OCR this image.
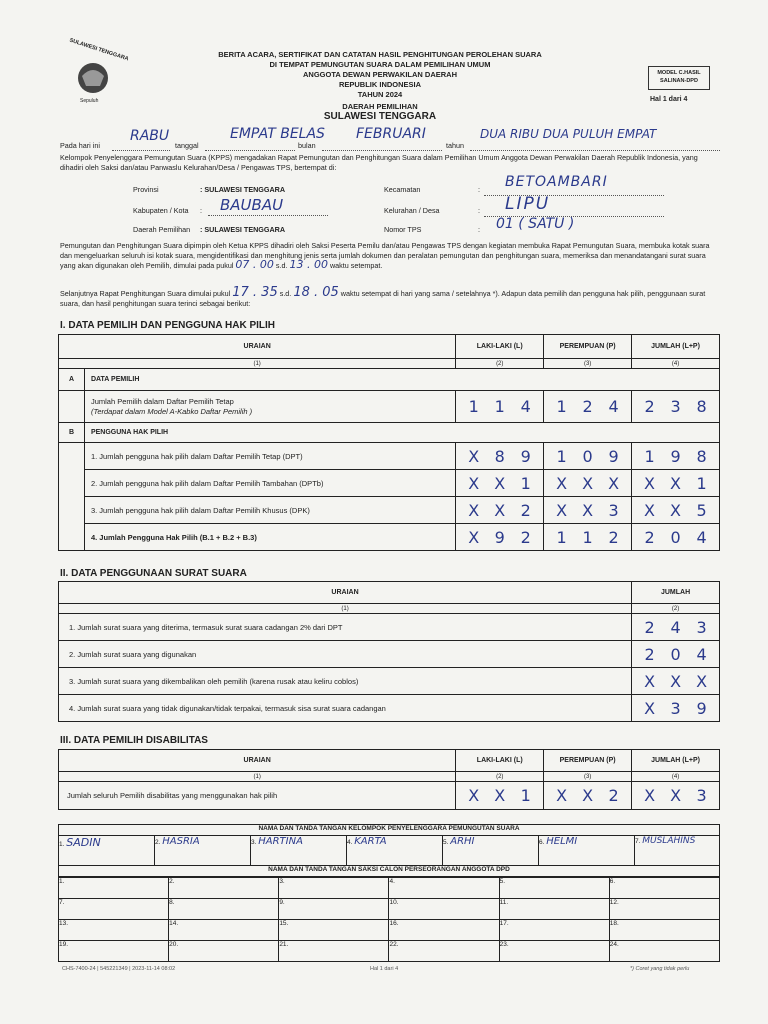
SULAWESI TENGGARA
Sepuluh
BERITA ACARA, SERTIFIKAT DAN CATATAN HASIL PENGHITUNGAN PEROLEHAN SUARA
DI TEMPAT PEMUNGUTAN SUARA DALAM PEMILIHAN UMUM
ANGGOTA DEWAN PERWAKILAN DAERAH
REPUBLIK INDONESIA
TAHUN 2024
MODEL C.HASIL
SALINAN-DPD
Hal 1 dari 4
DAERAH PEMILIHAN
SULAWESI TENGGARA
Pada hari ini
RABU
tanggal
EMPAT BELAS
bulan
FEBRUARI
tahun
DUA RIBU DUA PULUH EMPAT
Kelompok Penyelenggara Pemungutan Suara (KPPS) mengadakan Rapat Pemungutan dan Penghitungan Suara dalam Pemilihan Umum Anggota Dewan Perwakilan Daerah Republik Indonesia, yang dihadiri oleh Saksi dan/atau Panwaslu Kelurahan/Desa / Pengawas TPS, bertempat di:
Provinsi	: SULAWESI TENGGARA
Kabupaten / Kota : BAUBAU
Daerah Pemilihan : SULAWESI TENGGARA
Kecamatan	: BETOAMBARI
Kelurahan / Desa	: LIPU
Nomor TPS	: 01 ( SATU )
Pemungutan dan Penghitungan Suara dipimpin oleh Ketua KPPS dihadiri oleh Saksi Peserta Pemilu dan/atau Pengawas TPS dengan kegiatan membuka Rapat Pemungutan Suara, membuka kotak suara dan mengeluarkan seluruh isi kotak suara, mengidentifikasi dan menghitung jenis serta jumlah dokumen dan peralatan pemungutan dan penghitungan suara, memeriksa dan menandatangani surat suara yang akan digunakan oleh Pemilih, dimulai pada pukul 07 . 00 s.d. 13 . 00 waktu setempat.
Selanjutnya Rapat Penghitungan Suara dimulai pukul 17 . 35 s.d. 18 . 05 waktu setempat di hari yang sama / setelahnya *). Adapun data pemilih dan pengguna hak pilih, penggunaan surat suara, dan hasil penghitungan suara terinci sebagai berikut:
I. DATA PEMILIH DAN PENGGUNA HAK PILIH
URAIAN		LAKI-LAKI (L)	PEREMPUAN (P)	JUMLAH (L+P)
(1)		(2)	(3)	(4)
A	DATA PEMILIH			

	Jumlah Pemilih dalam Daftar Pemilih Tetap
(Terdapat dalam Model A-Kabko Daftar Pemilih )	1 1 4	1 2 4	2 3 8
B	PENGGUNA HAK PILIH			
	1. Jumlah pengguna hak pilih dalam Daftar Pemilih Tetap (DPT)	X 8 9	1 0 9	1 9 8
	2. Jumlah pengguna hak pilih dalam Daftar Pemilih Tambahan (DPTb)	X X 1	X X X	X X 1
	3. Jumlah pengguna hak pilih dalam Daftar Pemilih Khusus (DPK)	X X 2	X X 3	X X 5
	4. Jumlah Pengguna Hak Pilih (B.1 + B.2 + B.3)	X 9 2	1 1 2	2 0 4
II. DATA PENGGUNAAN SURAT SUARA
URAIAN	JUMLAH
(1)	(2)
1. Jumlah surat suara yang diterima, termasuk surat suara cadangan 2% dari DPT	2 4 3
2. Jumlah surat suara yang digunakan	2 0 4
3. Jumlah surat suara yang dikembalikan oleh pemilih (karena rusak atau keliru coblos)	X X X
4. Jumlah surat suara yang tidak digunakan/tidak terpakai, termasuk sisa surat suara cadangan	X 3 9
III. DATA PEMILIH DISABILITAS
URAIAN	LAKI-LAKI (L)	PEREMPUAN (P)	JUMLAH (L+P)
(1)	(2)	(3)	(4)
Jumlah seluruh Pemilih disabilitas yang menggunakan hak pilih	X X 1	X X 2	X X 3
NAMA DAN TANDA TANGAN KELOMPOK PENYELENGGARA PEMUNGUTAN SUARA
1. SADIN	2. HASRIA	3. HARTINA	4. KARTA	5. ARHI	6. HELMI	7. MUSLAHINS
NAMA DAN TANDA TANGAN SAKSI CALON PERSEORANGAN ANGGOTA DPD
1.	2.	3.	4.	5.	6.
7.	8.	9.	10.	11.	12.
13.	14.	15.	16.	17.	18.
19.	20.	21.	22.	23.	24.
CHS-7400-24 | 545221349 | 2023-11-14 08:02	Hal 1 dari 4	*) Coret yang tidak perlu
